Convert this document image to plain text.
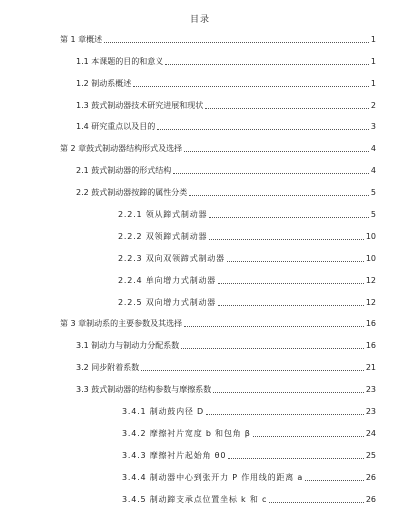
目录
第 1 章概述	1
1.1 本课题的目的和意义	1
1.2 制动系概述	1
1.3 鼓式制动器技术研究进展和现状	2
1.4 研究重点以及目的	3
第 2 章鼓式制动器结构形式及选择	4
2.1 鼓式制动器的形式结构	4
2.2 鼓式制动器按蹄的属性分类	5
2.2.1 领从蹄式制动器	5
2.2.2 双领蹄式制动器	10
2.2.3 双向双领蹄式制动器	10
2.2.4 单向增力式制动器	12
2.2.5 双向增力式制动器	12
第 3 章制动系的主要参数及其选择	16
3.1 制动力与制动力分配系数	16
3.2 同步附着系数	21
3.3 鼓式制动器的结构参数与摩擦系数	23
3.4.1 制动鼓内径 D	23
3.4.2 摩擦衬片宽度 b 和包角 β	24
3.4.3 摩擦衬片起始角 θ0	25
3.4.4 制动器中心到张开力 P 作用线的距离 a	26
3.4.5 制动蹄支承点位置坐标 k 和 c	26
